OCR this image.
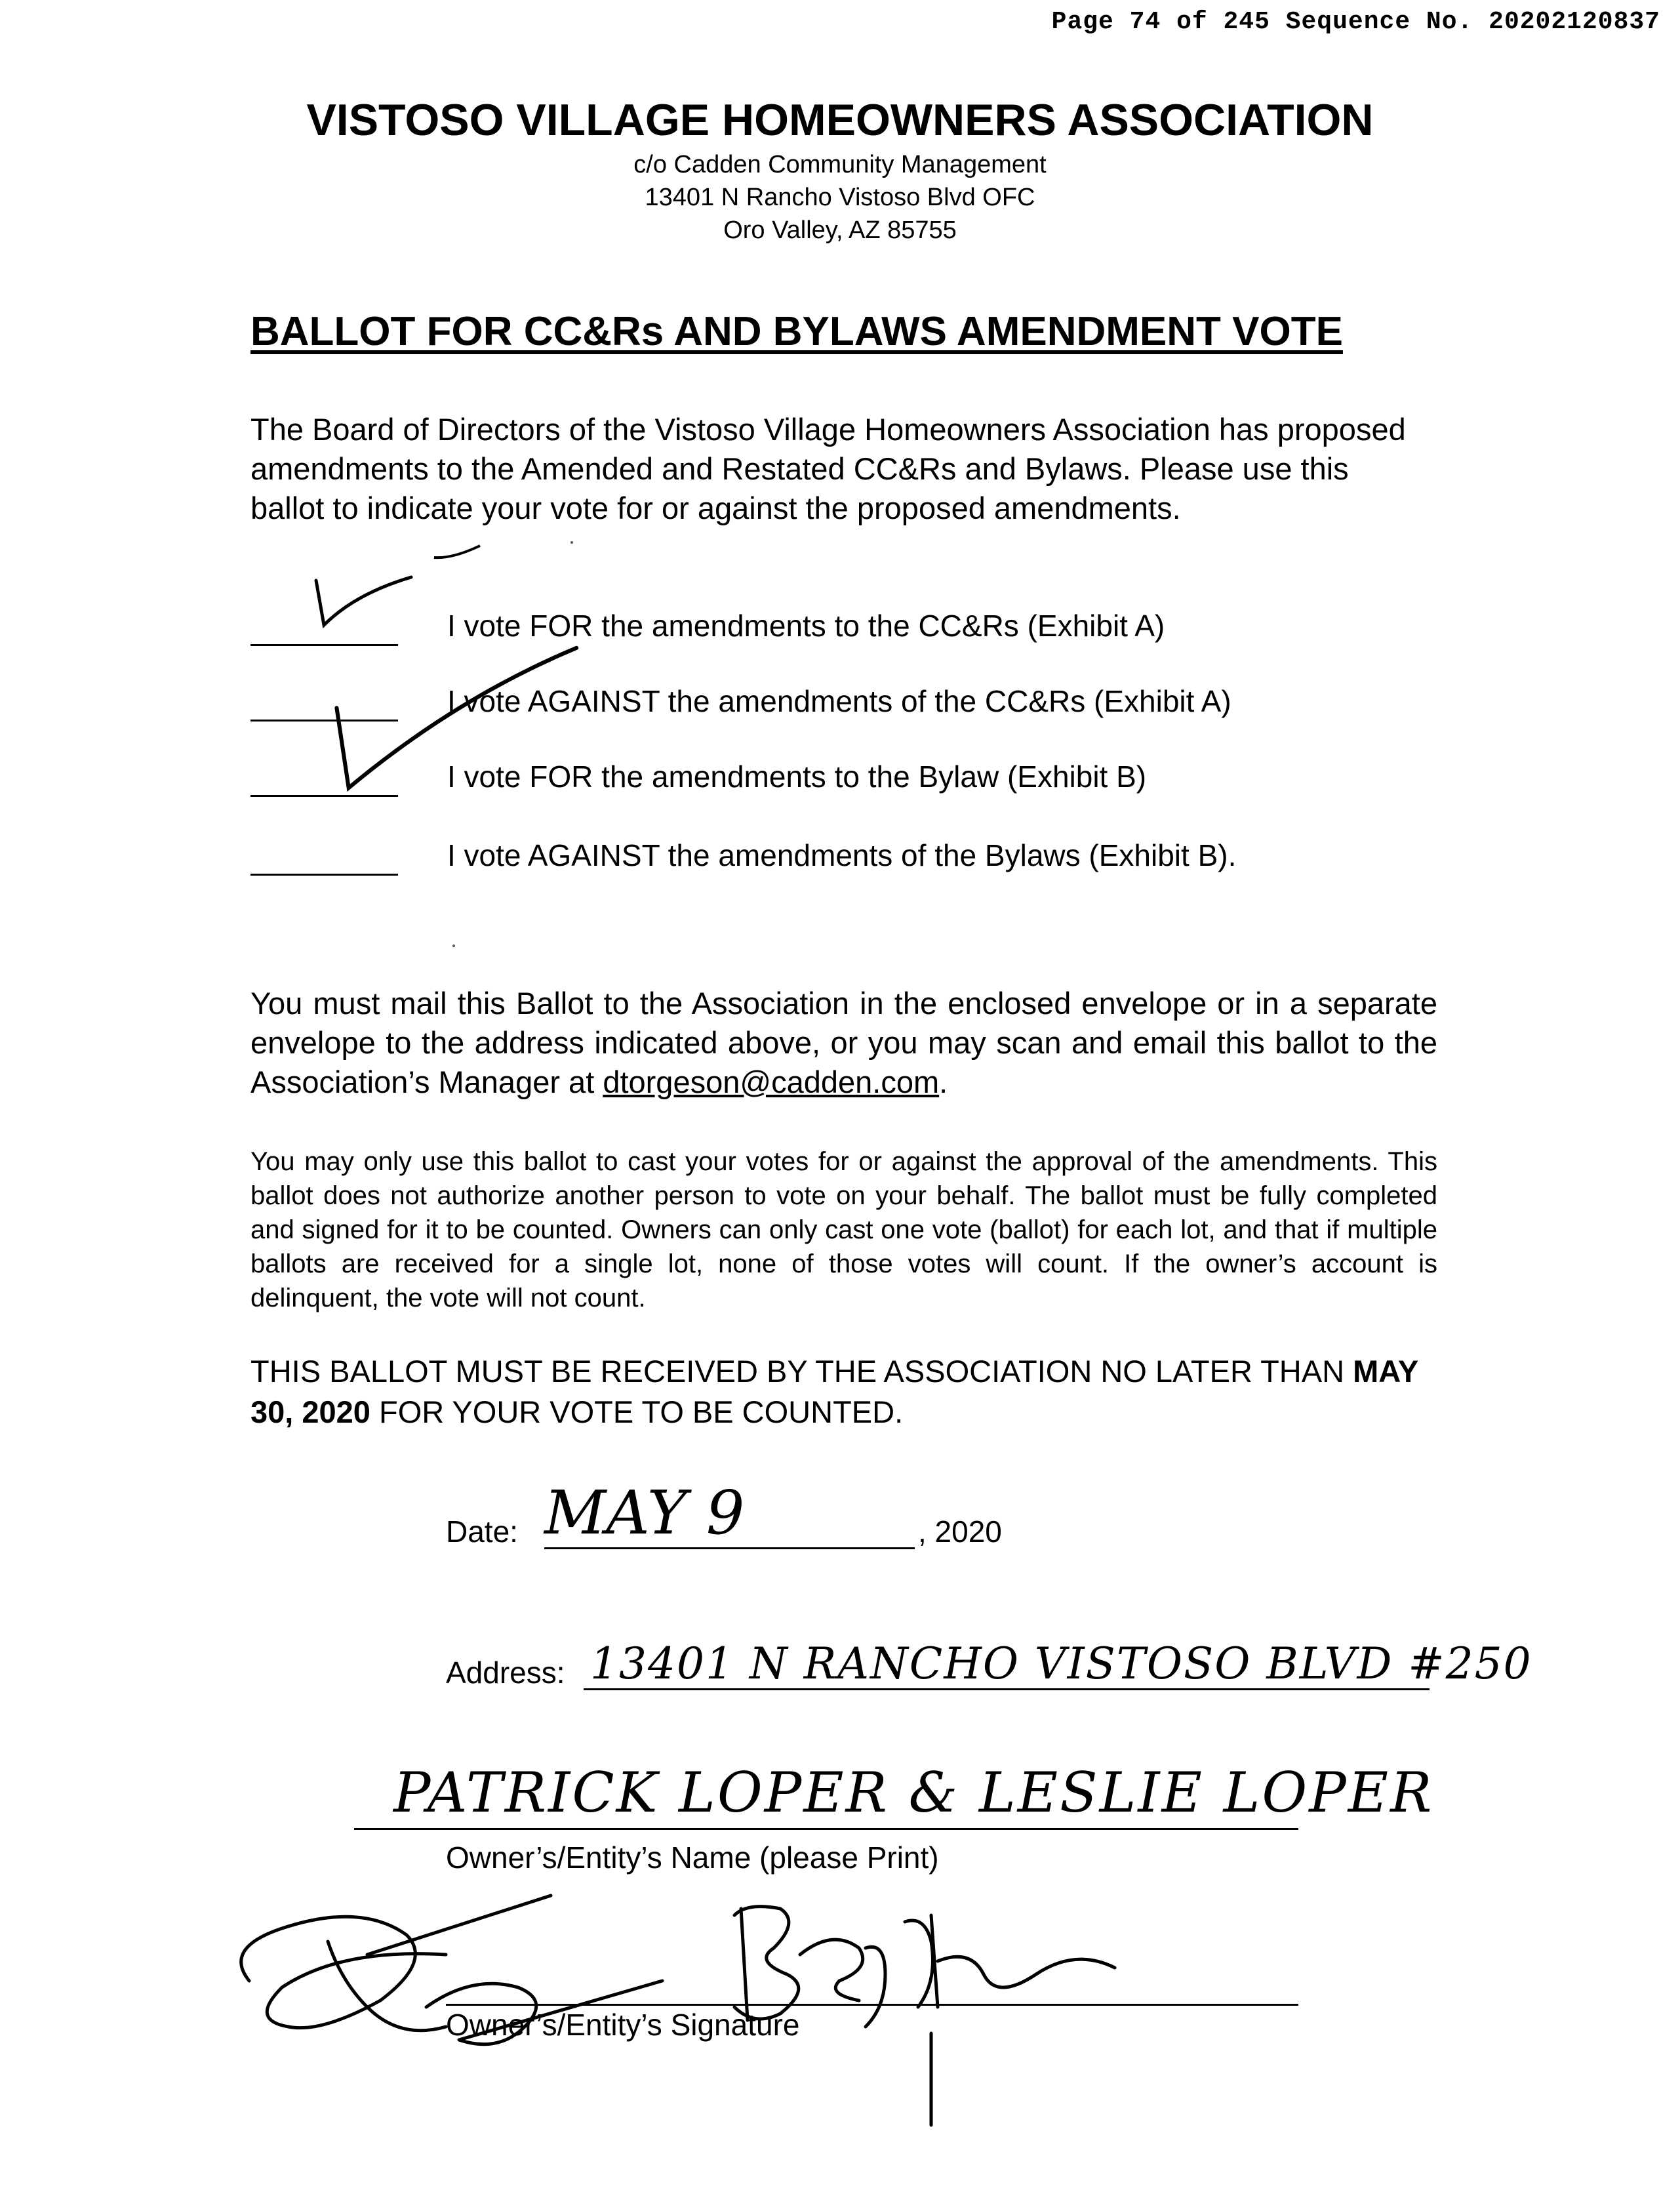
Page 74 of 245 Sequence No. 20202120837
VISTOSO VILLAGE HOMEOWNERS ASSOCIATION
c/o Cadden Community Management
13401 N Rancho Vistoso Blvd OFC
Oro Valley, AZ 85755
BALLOT FOR CC&Rs AND BYLAWS AMENDMENT VOTE
The Board of Directors of the Vistoso Village Homeowners Association has proposed amendments to the Amended and Restated CC&Rs and Bylaws. Please use this ballot to indicate your vote for or against the proposed amendments.
I vote FOR the amendments to the CC&Rs (Exhibit A)
I vote AGAINST the amendments of the CC&Rs (Exhibit A)
I vote FOR the amendments to the Bylaw (Exhibit B)
I vote AGAINST the amendments of the Bylaws (Exhibit B).
You must mail this Ballot to the Association in the enclosed envelope or in a separate envelope to the address indicated above, or you may scan and email this ballot to the Association’s Manager at dtorgeson@cadden.com.
You may only use this ballot to cast your votes for or against the approval of the amendments. This ballot does not authorize another person to vote on your behalf. The ballot must be fully completed and signed for it to be counted. Owners can only cast one vote (ballot) for each lot, and that if multiple ballots are received for a single lot, none of those votes will count. If the owner’s account is delinquent, the vote will not count.
THIS BALLOT MUST BE RECEIVED BY THE ASSOCIATION NO LATER THAN MAY 30, 2020 FOR YOUR VOTE TO BE COUNTED.
Date: MAY 9	, 2020
Address: 13401 N RANCHO VISTOSO BLVD #250
PATRICK LOPER & LESLIE LOPER
Owner’s/Entity’s Name (please Print)
Owner’s/Entity’s Signature
